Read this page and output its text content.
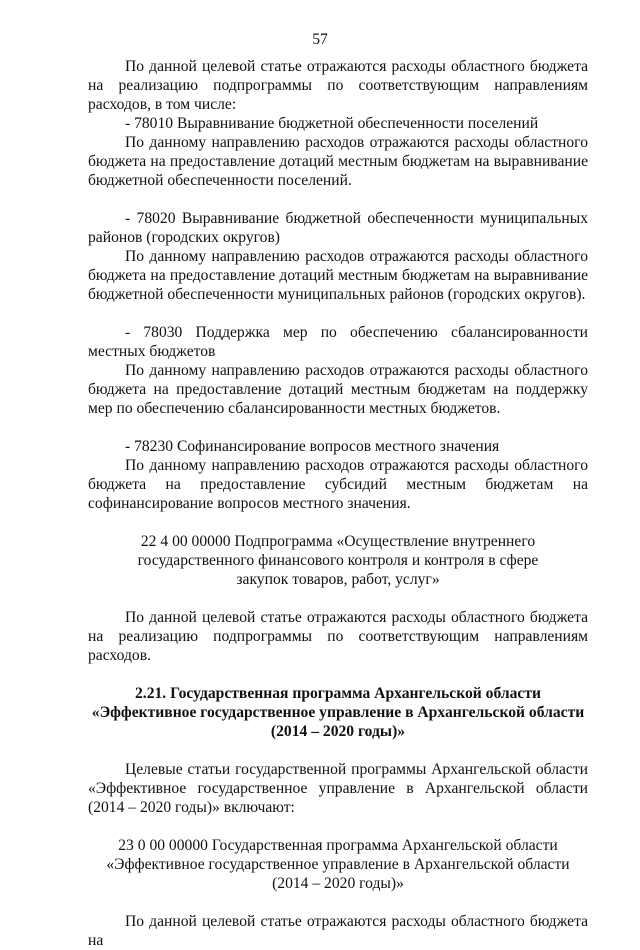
57

По данной целевой статье отражаются расходы областного бюджета на реализацию подпрограммы по соответствующим направлениям расходов, в том числе:

- 78010 Выравнивание бюджетной обеспеченности поселений

По данному направлению расходов отражаются расходы областного бюджета на предоставление дотаций местным бюджетам на выравнивание бюджетной обеспеченности поселений.

- 78020 Выравнивание бюджетной обеспеченности муниципальных районов (городских округов)

По данному направлению расходов отражаются расходы областного бюджета на предоставление дотаций местным бюджетам на выравнивание бюджетной обеспеченности муниципальных районов (городских округов).

- 78030 Поддержка мер по обеспечению сбалансированности местных бюджетов

По данному направлению расходов отражаются расходы областного бюджета на предоставление дотаций местным бюджетам на поддержку мер по обеспечению сбалансированности местных бюджетов.

- 78230 Софинансирование вопросов местного значения

По данному направлению расходов отражаются расходы областного бюджета на предоставление субсидий местным бюджетам на софинансирование вопросов местного значения.

22 4 00 00000 Подпрограмма «Осуществление внутреннего

государственного финансового контроля и контроля в сфере

закупок товаров, работ, услуг»

По данной целевой статье отражаются расходы областного бюджета на реализацию подпрограммы по соответствующим направлениям расходов.

2.21. Государственная программа Архангельской области

«Эффективное государственное управление в Архангельской области

(2014 – 2020 годы)»

Целевые статьи государственной программы Архангельской области «Эффективное государственное управление в Архангельской области (2014 – 2020 годы)» включают:

23 0 00 00000 Государственная программа Архангельской области

«Эффективное государственное управление в Архангельской области

(2014 – 2020 годы)»

По данной целевой статье отражаются расходы областного бюджета на
